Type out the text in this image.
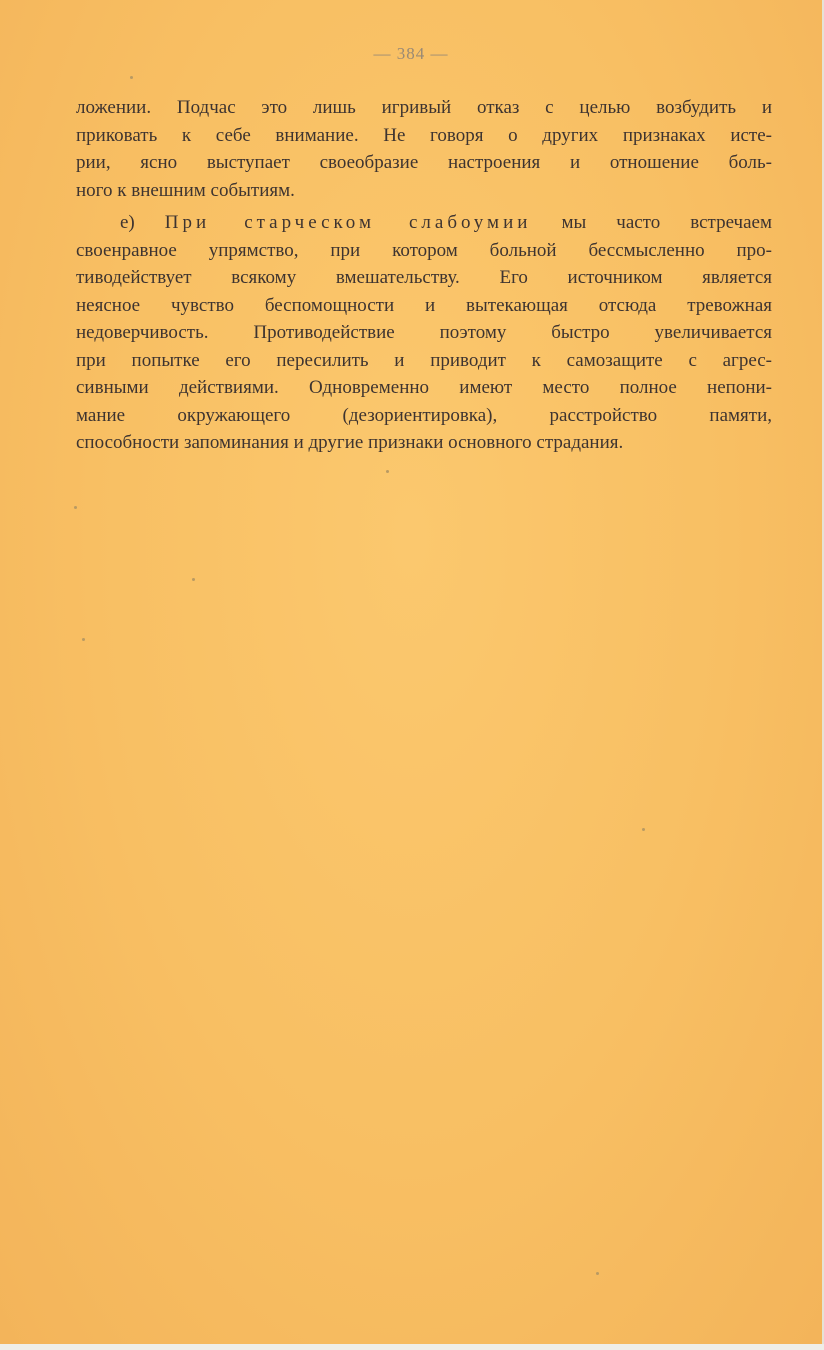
— 384 —
ложении. Подчас это лишь игривый отказ с целью возбудить и
приковать к себе внимание. Не говоря о других признаках исте-
рии, ясно выступает своеобразие настроения и отношение боль-
ного к внешним событиям.
е) При старческом слабоумии мы часто встречаем
своенравное упрямство, при котором больной бессмысленно про-
тиводействует всякому вмешательству. Его источником является
неясное чувство беспомощности и вытекающая отсюда тревожная
недоверчивость. Противодействие поэтому быстро увеличивается
при попытке его пересилить и приводит к самозащите с агрес-
сивными действиями. Одновременно имеют место полное непони-
мание окружающего (дезориентировка), расстройство памяти,
способности запоминания и другие признаки основного страдания.
